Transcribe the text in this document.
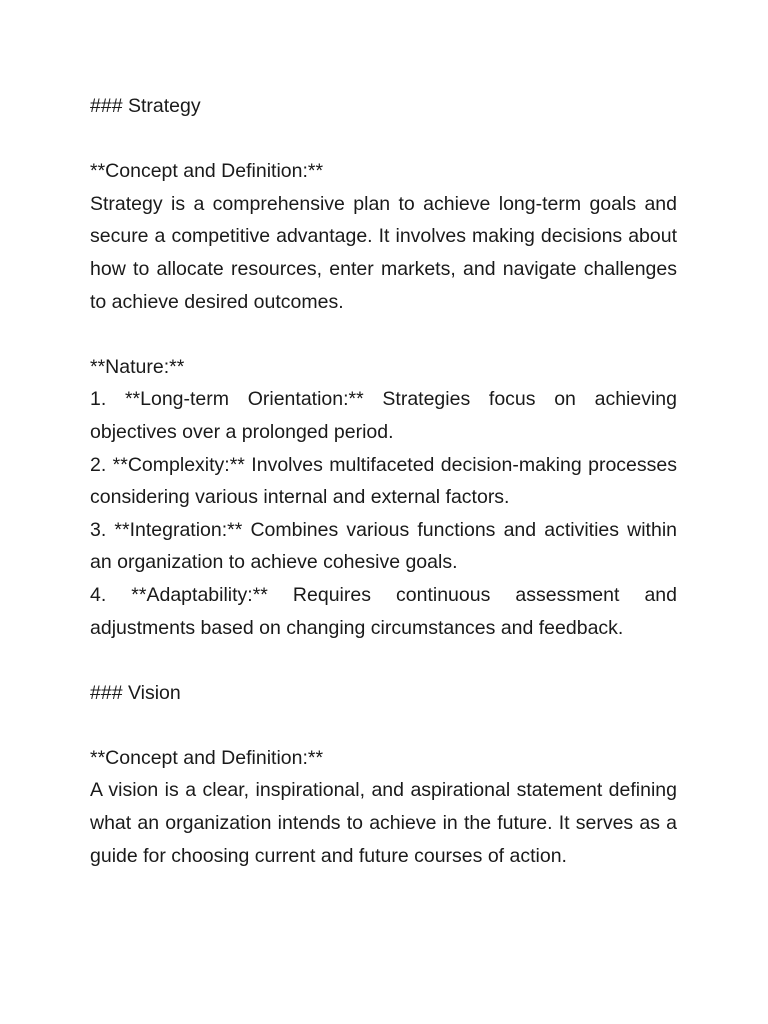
### Strategy
**Concept and Definition:**

Strategy is a comprehensive plan to achieve long-term goals and secure a competitive advantage. It involves making decisions about how to allocate resources, enter markets, and navigate challenges to achieve desired outcomes.

**Nature:**

1. **Long-term Orientation:** Strategies focus on achieving objectives over a prolonged period.

2. **Complexity:** Involves multifaceted decision-making processes considering various internal and external factors.

3. **Integration:** Combines various functions and activities within an organization to achieve cohesive goals.

4. **Adaptability:** Requires continuous assessment and adjustments based on changing circumstances and feedback.

### Vision
**Concept and Definition:**

A vision is a clear, inspirational, and aspirational statement defining what an organization intends to achieve in the future. It serves as a guide for choosing current and future courses of action.
